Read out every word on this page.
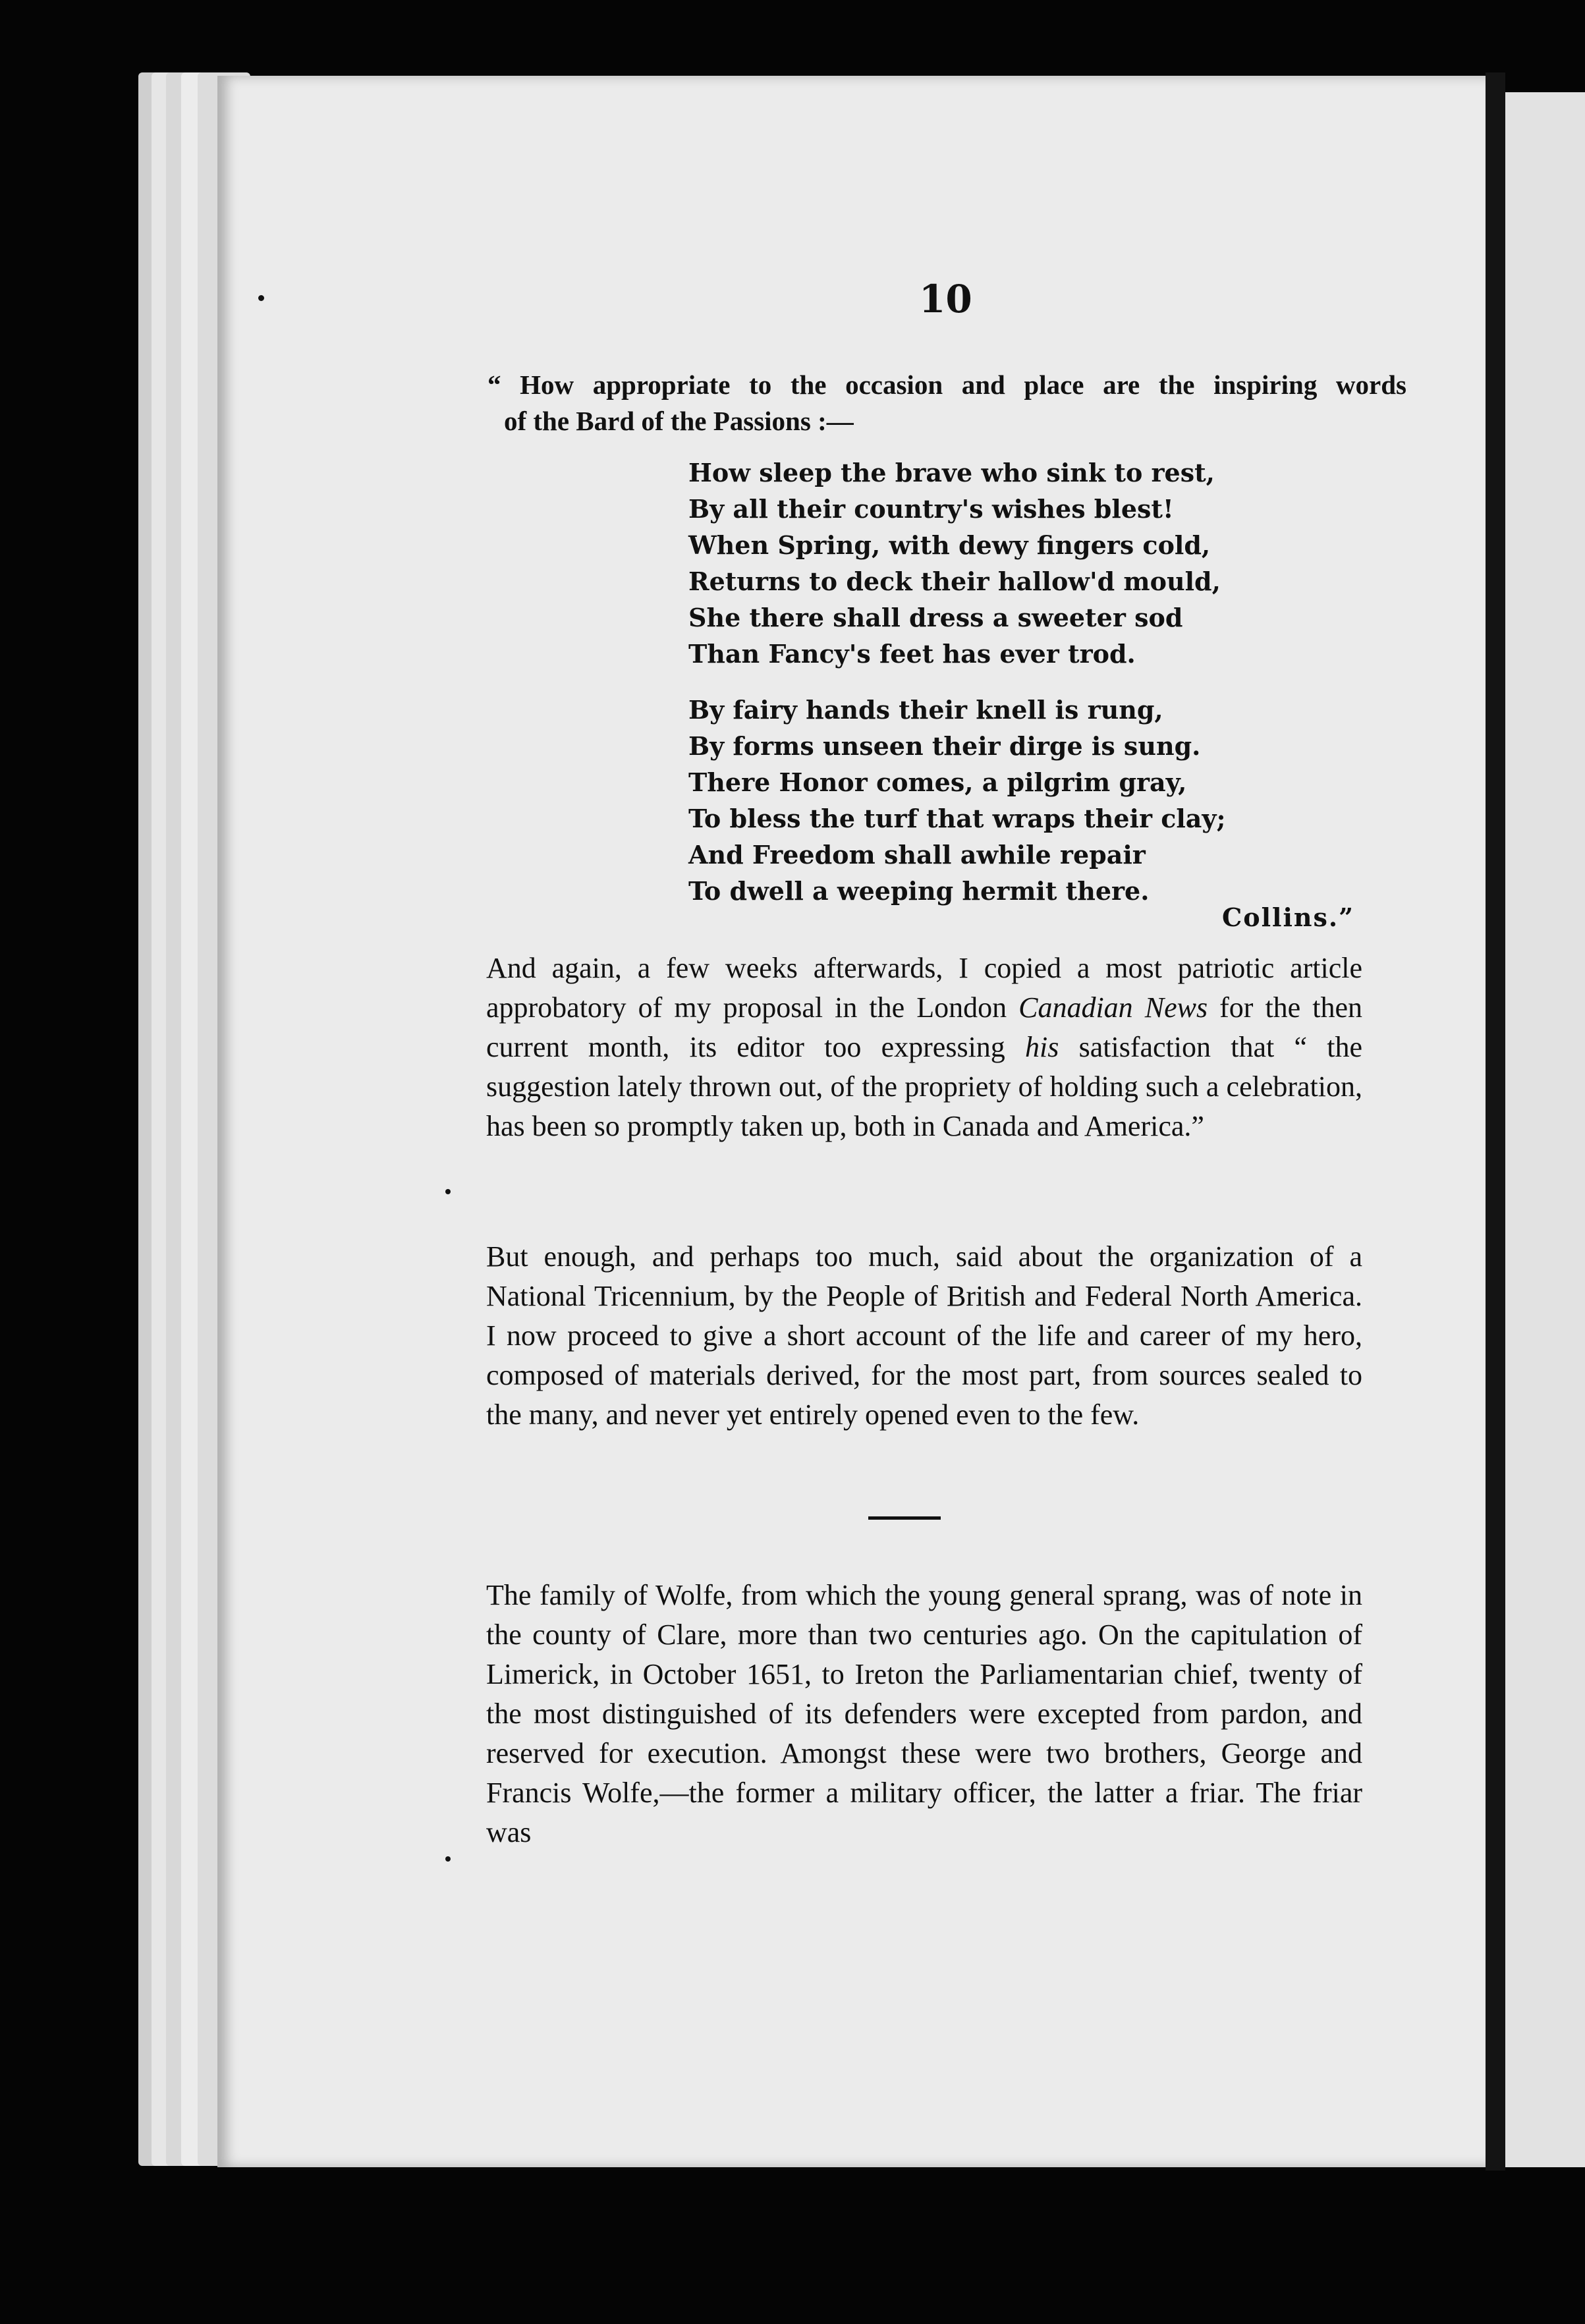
10
“ How appropriate to the occasion and place are the inspiring words
of the Bard of the Passions :—
How sleep the brave who sink to rest,
By all their country's wishes blest!
When Spring, with dewy fingers cold,
Returns to deck their hallow'd mould,
She there shall dress a sweeter sod
Than Fancy's feet has ever trod.
By fairy hands their knell is rung,
By forms unseen their dirge is sung.
There Honor comes, a pilgrim gray,
To bless the turf that wraps their clay;
And Freedom shall awhile repair
To dwell a weeping hermit there.
Collins.”
And again, a few weeks afterwards, I copied a most patriotic article approbatory of my proposal in the London Canadian News for the then current month, its editor too expressing his satisfaction that “ the suggestion lately thrown out, of the propriety of holding such a celebration, has been so promptly taken up, both in Canada and America.”
But enough, and perhaps too much, said about the organization of a National Tricennium, by the People of British and Federal North America. I now proceed to give a short account of the life and career of my hero, composed of materials derived, for the most part, from sources sealed to the many, and never yet entirely opened even to the few.
The family of Wolfe, from which the young general sprang, was of note in the county of Clare, more than two centuries ago. On the capitulation of Limerick, in October 1651, to Ireton the Parliamentarian chief, twenty of the most distinguished of its defenders were excepted from pardon, and reserved for execution. Amongst these were two brothers, George and Francis Wolfe,—the former a military officer, the latter a friar. The friar was
